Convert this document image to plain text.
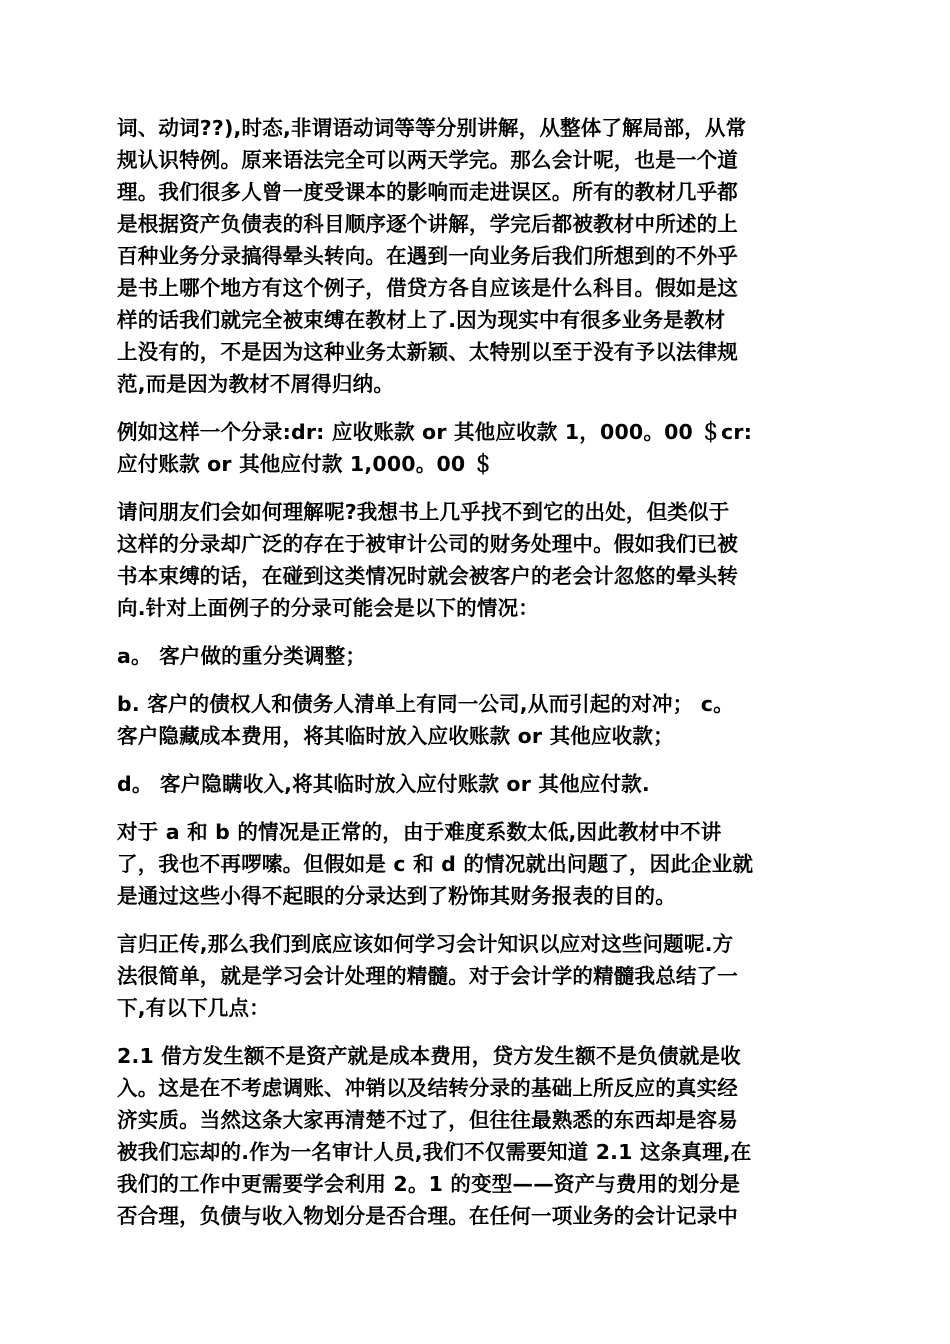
词、动词??),时态,非谓语动词等等分别讲解，从整体了解局部，从常
规认识特例。原来语法完全可以两天学完。那么会计呢，也是一个道
理。我们很多人曾一度受课本的影响而走进误区。所有的教材几乎都
是根据资产负债表的科目顺序逐个讲解，学完后都被教材中所述的上
百种业务分录搞得晕头转向。在遇到一向业务后我们所想到的不外乎
是书上哪个地方有这个例子，借贷方各自应该是什么科目。假如是这
样的话我们就完全被束缚在教材上了.因为现实中有很多业务是教材
上没有的，不是因为这种业务太新颖、太特别以至于没有予以法律规
范,而是因为教材不屑得归纳。
例如这样一个分录:dr: 应收账款 or 其他应收款 1，000。00 ＄cr:
应付账款 or 其他应付款 1,000。00 ＄
请问朋友们会如何理解呢?我想书上几乎找不到它的出处，但类似于
这样的分录却广泛的存在于被审计公司的财务处理中。假如我们已被
书本束缚的话，在碰到这类情况时就会被客户的老会计忽悠的晕头转
向.针对上面例子的分录可能会是以下的情况：
a。 客户做的重分类调整；
b. 客户的债权人和债务人清单上有同一公司,从而引起的对冲； c。
客户隐藏成本费用，将其临时放入应收账款 or 其他应收款；
d。 客户隐瞒收入,将其临时放入应付账款 or 其他应付款.
对于 a 和 b 的情况是正常的，由于难度系数太低,因此教材中不讲
了，我也不再啰嗦。但假如是 c 和 d 的情况就出问题了，因此企业就
是通过这些小得不起眼的分录达到了粉饰其财务报表的目的。
言归正传,那么我们到底应该如何学习会计知识以应对这些问题呢.方
法很简单，就是学习会计处理的精髓。对于会计学的精髓我总结了一
下,有以下几点：
2.1 借方发生额不是资产就是成本费用，贷方发生额不是负债就是收
入。这是在不考虑调账、冲销以及结转分录的基础上所反应的真实经
济实质。当然这条大家再清楚不过了，但往往最熟悉的东西却是容易
被我们忘却的.作为一名审计人员,我们不仅需要知道 2.1 这条真理,在
我们的工作中更需要学会利用 2。1 的变型——资产与费用的划分是
否合理，负债与收入物划分是否合理。在任何一项业务的会计记录中
